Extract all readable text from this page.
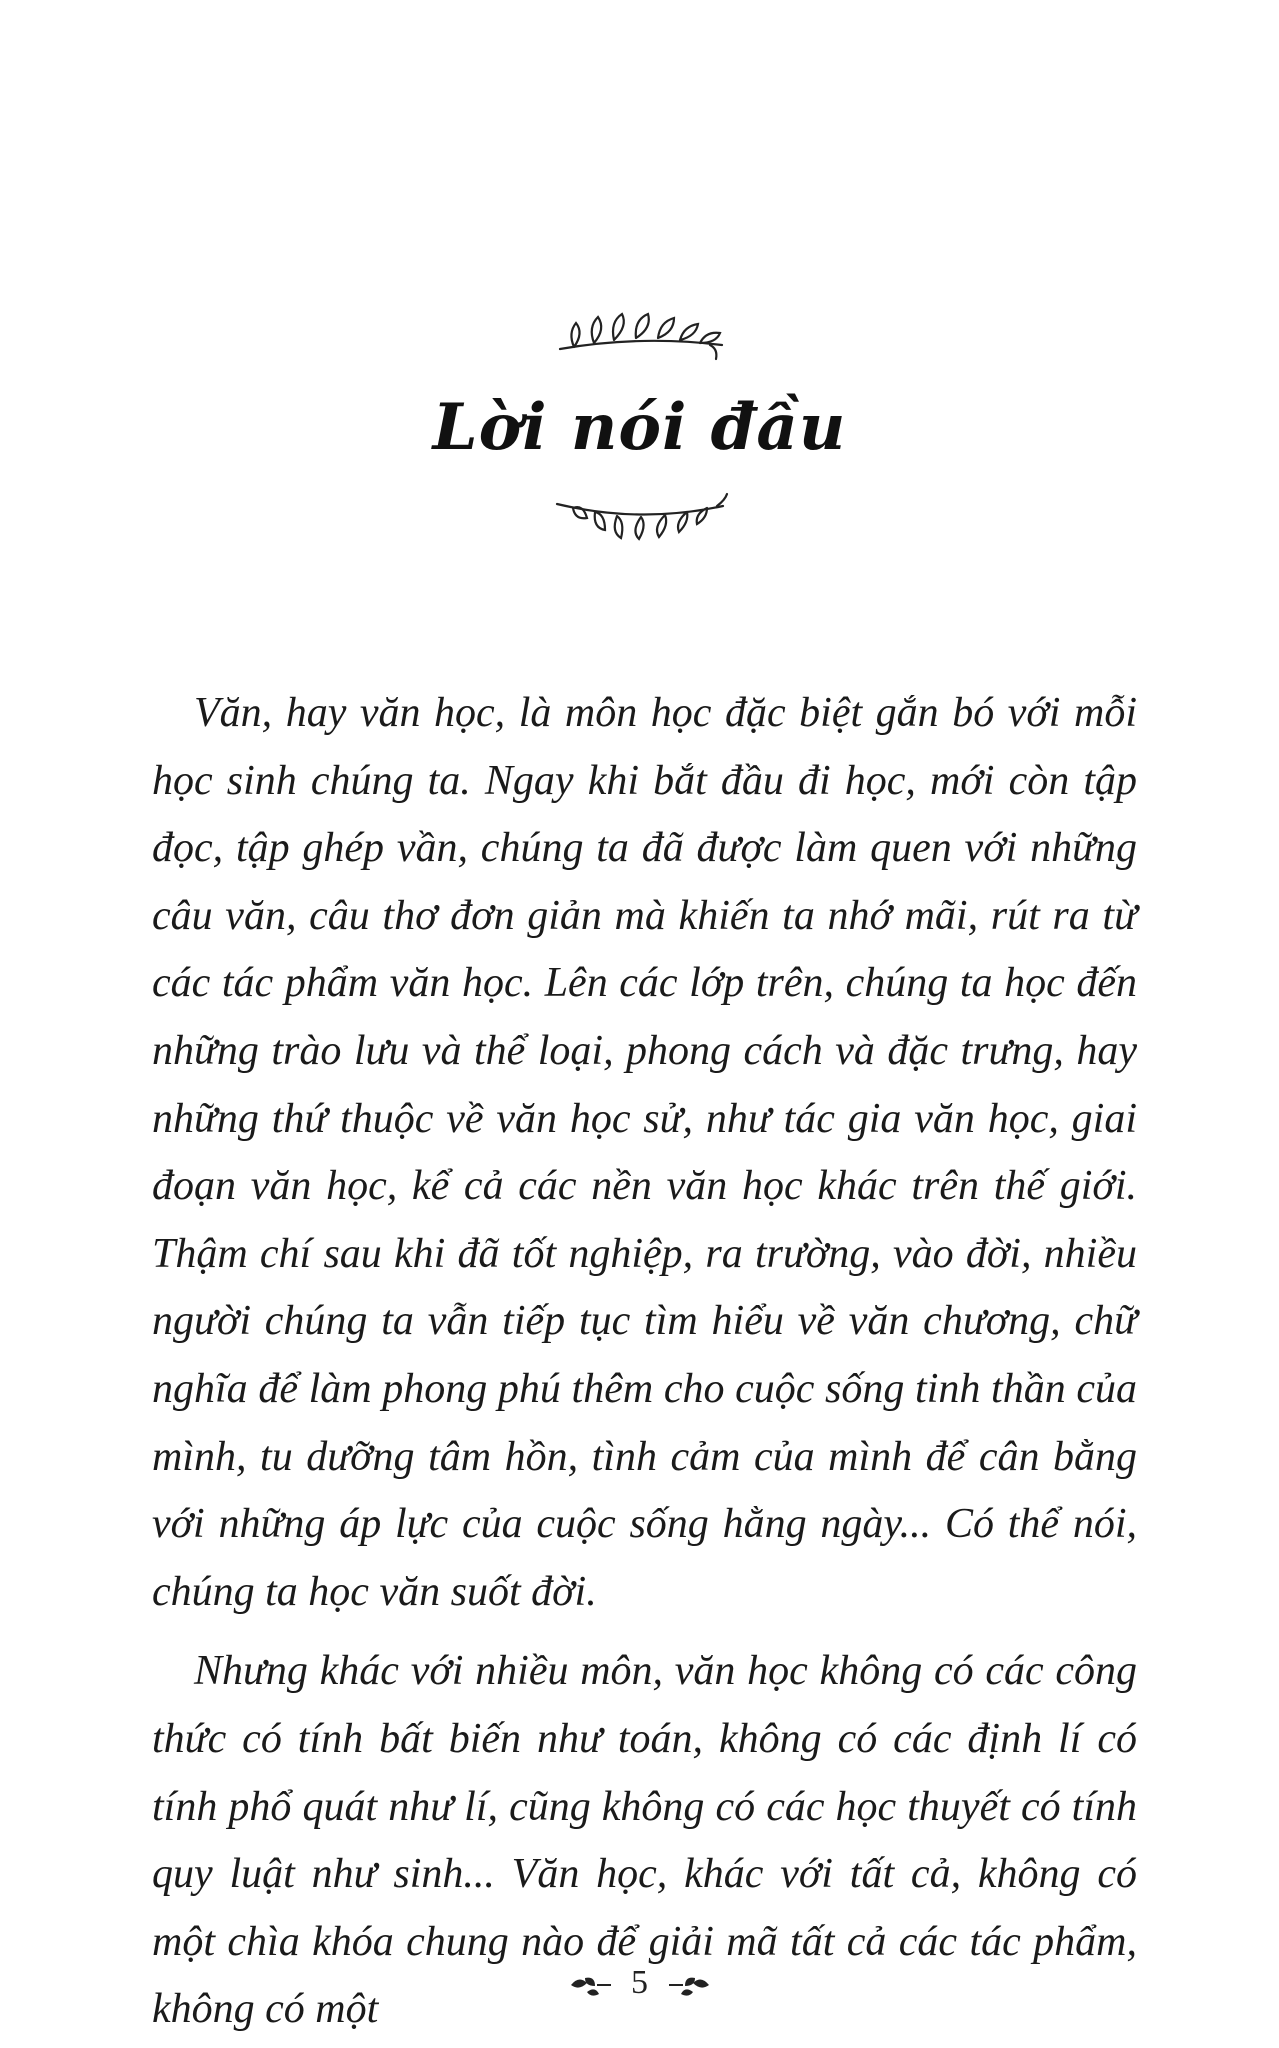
Lời nói đầu

Văn, hay văn học, là môn học đặc biệt gắn bó với mỗi học sinh chúng ta. Ngay khi bắt đầu đi học, mới còn tập đọc, tập ghép vần, chúng ta đã được làm quen với những câu văn, câu thơ đơn giản mà khiến ta nhớ mãi, rút ra từ các tác phẩm văn học. Lên các lớp trên, chúng ta học đến những trào lưu và thể loại, phong cách và đặc trưng, hay những thứ thuộc về văn học sử, như tác gia văn học, giai đoạn văn học, kể cả các nền văn học khác trên thế giới. Thậm chí sau khi đã tốt nghiệp, ra trường, vào đời, nhiều người chúng ta vẫn tiếp tục tìm hiểu về văn chương, chữ nghĩa để làm phong phú thêm cho cuộc sống tinh thần của mình, tu dưỡng tâm hồn, tình cảm của mình để cân bằng với những áp lực của cuộc sống hằng ngày... Có thể nói, chúng ta học văn suốt đời.

Nhưng khác với nhiều môn, văn học không có các công thức có tính bất biến như toán, không có các định lí có tính phổ quát như lí, cũng không có các học thuyết có tính quy luật như sinh... Văn học, khác với tất cả, không có một chìa khóa chung nào để giải mã tất cả các tác phẩm, không có một

5
